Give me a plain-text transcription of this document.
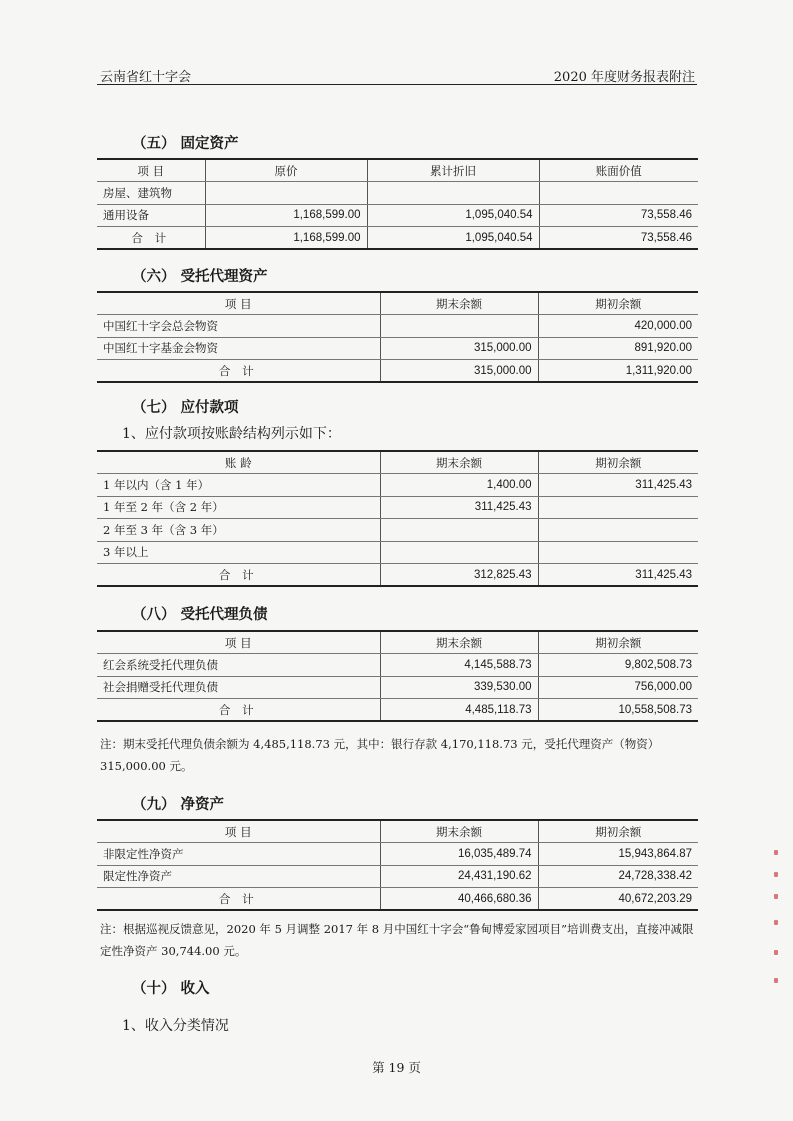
云南省红十字会	2020 年度财务报表附注
（五） 固定资产
项 目	原价	累计折旧	账面价值
房屋、建筑物			
通用设备	1,168,599.00	1,095,040.54	73,558.46
合 计	1,168,599.00	1,095,040.54	73,558.46
（六） 受托代理资产
项 目	期末余额	期初余额
中国红十字会总会物资		420,000.00
中国红十字基金会物资	315,000.00	891,920.00
合 计	315,000.00	1,311,920.00
（七） 应付款项
1、应付款项按账龄结构列示如下：
账 龄	期末余额	期初余额
1 年以内（含 1 年）	1,400.00	311,425.43
1 年至 2 年（含 2 年）	311,425.43	
2 年至 3 年（含 3 年）		
3 年以上		
合 计	312,825.43	311,425.43
（八） 受托代理负债
项 目	期末余额	期初余额
红会系统受托代理负债	4,145,588.73	9,802,508.73
社会捐赠受托代理负债	339,530.00	756,000.00
合 计	4,485,118.73	10,558,508.73
注：期末受托代理负债余额为 4,485,118.73 元，其中：银行存款 4,170,118.73 元，受托代理资产（物资）315,000.00 元。
（九） 净资产
项 目	期末余额	期初余额
非限定性净资产	16,035,489.74	15,943,864.87
限定性净资产	24,431,190.62	24,728,338.42
合 计	40,466,680.36	40,672,203.29
注：根据巡视反馈意见，2020 年 5 月调整 2017 年 8 月中国红十字会“鲁甸博爱家园项目”培训费支出，直接冲减限定性净资产 30,744.00 元。
（十） 收入
1、收入分类情况
第 19 页
